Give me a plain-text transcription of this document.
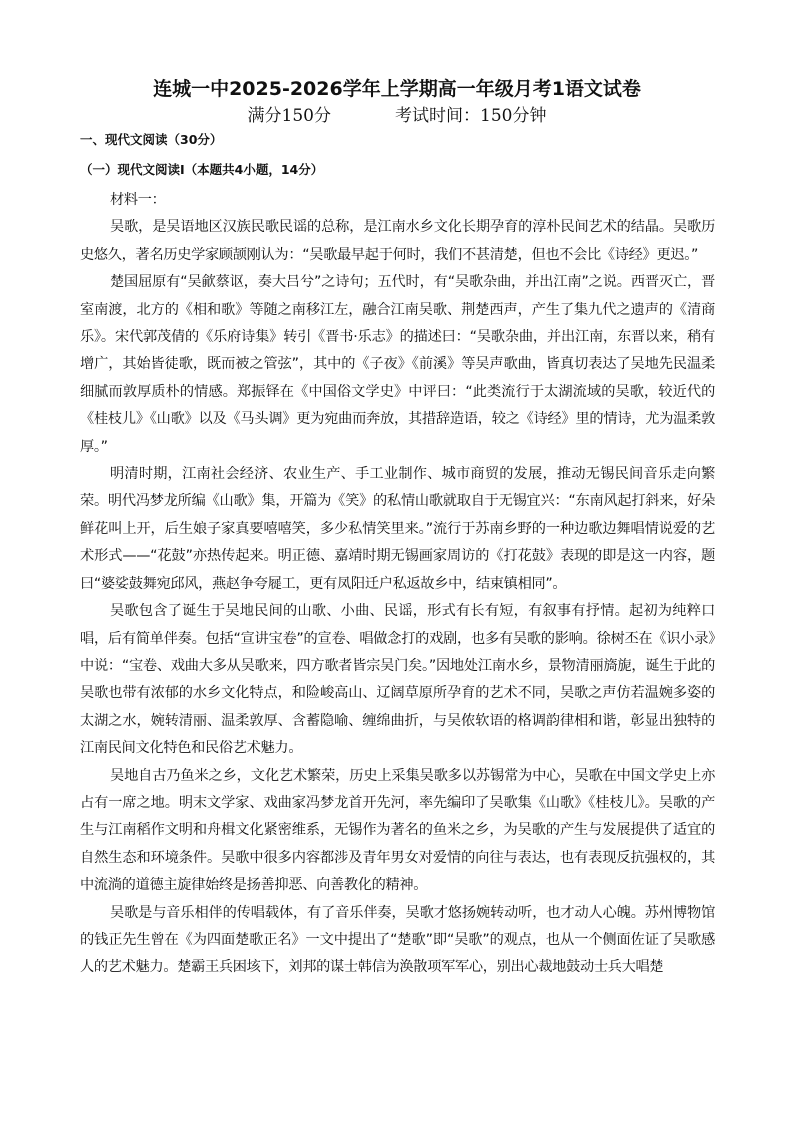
连城一中2025-2026学年上学期高一年级月考1语文试卷
满分150分	考试时间：150分钟
一、现代文阅读（30分）
（一）现代文阅读Ⅰ（本题共4小题，14分）
材料一：

吴歌，是吴语地区汉族民歌民谣的总称，是江南水乡文化长期孕育的淳朴民间艺术的结晶。吴歌历史悠久，著名历史学家顾颉刚认为：“吴歌最早起于何时，我们不甚清楚，但也不会比《诗经》更迟。”

楚国屈原有“吴歈蔡讴，奏大吕兮”之诗句；五代时，有“吴歌杂曲，并出江南”之说。西晋灭亡，晋室南渡，北方的《相和歌》等随之南移江左，融合江南吴歌、荆楚西声，产生了集九代之遗声的《清商乐》。宋代郭茂倩的《乐府诗集》转引《晋书·乐志》的描述曰：“吴歌杂曲，并出江南，东晋以来，稍有增广，其始皆徒歌，既而被之管弦”，其中的《子夜》《前溪》等吴声歌曲，皆真切表达了吴地先民温柔细腻而敦厚质朴的情感。郑振铎在《中国俗文学史》中评曰：“此类流行于太湖流域的吴歌，较近代的《桂枝儿》《山歌》以及《马头调》更为宛曲而奔放，其措辞造语，较之《诗经》里的情诗，尤为温柔敦厚。”

明清时期，江南社会经济、农业生产、手工业制作、城市商贸的发展，推动无锡民间音乐走向繁荣。明代冯梦龙所编《山歌》集，开篇为《笑》的私情山歌就取自于无锡宜兴：“东南风起打斜来，好朵鲜花叫上开，后生娘子家真要嘻嘻笑，多少私情笑里来。”流行于苏南乡野的一种边歌边舞唱情说爱的艺术形式——“花鼓”亦热传起来。明正德、嘉靖时期无锡画家周访的《打花鼓》表现的即是这一内容，题曰“婆娑鼓舞宛邱风，燕赵争夸屣工，更有凤阳迁户私返故乡中，结束镇相同”。

吴歌包含了诞生于吴地民间的山歌、小曲、民谣，形式有长有短，有叙事有抒情。起初为纯粹口唱，后有简单伴奏。包括“宣讲宝卷”的宣卷、唱做念打的戏剧，也多有吴歌的影响。徐树丕在《识小录》中说：“宝卷、戏曲大多从吴歌来，四方歌者皆宗吴门矣。”因地处江南水乡，景物清丽旖旎，诞生于此的吴歌也带有浓郁的水乡文化特点，和险峻高山、辽阔草原所孕育的艺术不同，吴歌之声仿若温婉多姿的太湖之水，婉转清丽、温柔敦厚、含蓄隐喻、缠绵曲折，与吴侬软语的格调韵律相和谐，彰显出独特的江南民间文化特色和民俗艺术魅力。

吴地自古乃鱼米之乡，文化艺术繁荣，历史上采集吴歌多以苏锡常为中心，吴歌在中国文学史上亦占有一席之地。明末文学家、戏曲家冯梦龙首开先河，率先编印了吴歌集《山歌》《桂枝儿》。吴歌的产生与江南稻作文明和舟楫文化紧密维系，无锡作为著名的鱼米之乡，为吴歌的产生与发展提供了适宜的自然生态和环境条件。吴歌中很多内容都涉及青年男女对爱情的向往与表达，也有表现反抗强权的，其中流淌的道德主旋律始终是扬善抑恶、向善教化的精神。

吴歌是与音乐相伴的传唱载体，有了音乐伴奏，吴歌才悠扬婉转动听，也才动人心魄。苏州博物馆的钱正先生曾在《为四面楚歌正名》一文中提出了“楚歌”即“吴歌”的观点，也从一个侧面佐证了吴歌感人的艺术魅力。楚霸王兵困垓下，刘邦的谋士韩信为涣散项军军心，别出心裁地鼓动士兵大唱楚
